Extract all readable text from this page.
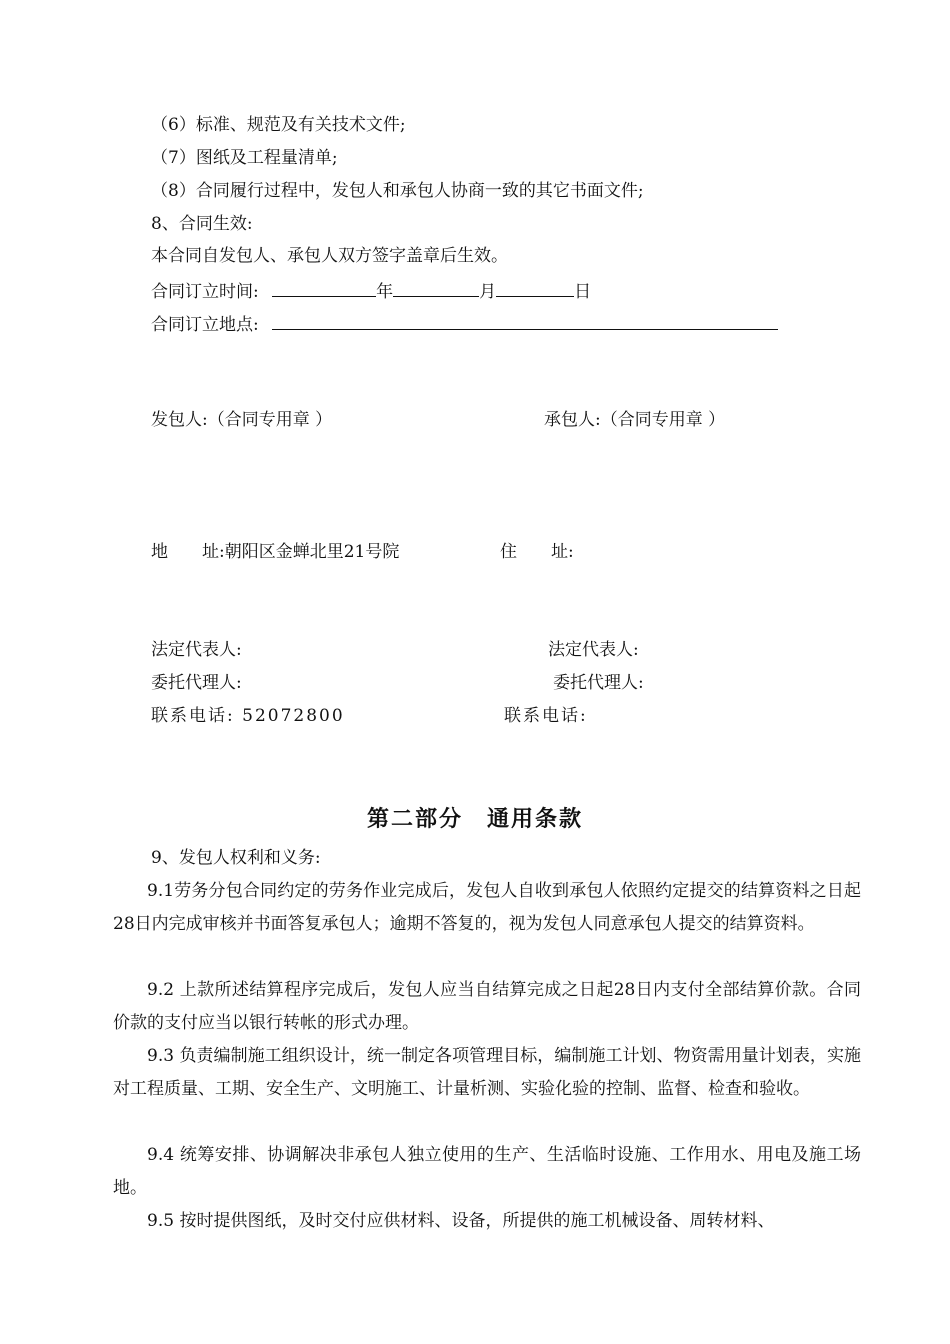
（6）标准、规范及有关技术文件;
（7）图纸及工程量清单;
（8）合同履行过程中，发包人和承包人协商一致的其它书面文件;
8、合同生效:
本合同自发包人、承包人双方签字盖章后生效。
合同订立时间:	年	月	日
合同订立地点:
发包人:（合同专用章 ）	承包人:（合同专用章 ）
地　　址:朝阳区金蝉北里21号院	住　　址:
法定代表人:	法定代表人:
委托代理人:	委托代理人:
联系电话: 52072800	联系电话:
第二部分　通用条款
9、发包人权利和义务:
9.1劳务分包合同约定的劳务作业完成后，发包人自收到承包人依照约定提交的结算资料之日起28日内完成审核并书面答复承包人；逾期不答复的，视为发包人同意承包人提交的结算资料。
9.2 上款所述结算程序完成后，发包人应当自结算完成之日起28日内支付全部结算价款。合同价款的支付应当以银行转帐的形式办理。
9.3 负责编制施工组织设计，统一制定各项管理目标，编制施工计划、物资需用量计划表，实施对工程质量、工期、安全生产、文明施工、计量析测、实验化验的控制、监督、检查和验收。
9.4 统筹安排、协调解决非承包人独立使用的生产、生活临时设施、工作用水、用电及施工场地。
9.5 按时提供图纸，及时交付应供材料、设备，所提供的施工机械设备、周转材料、
